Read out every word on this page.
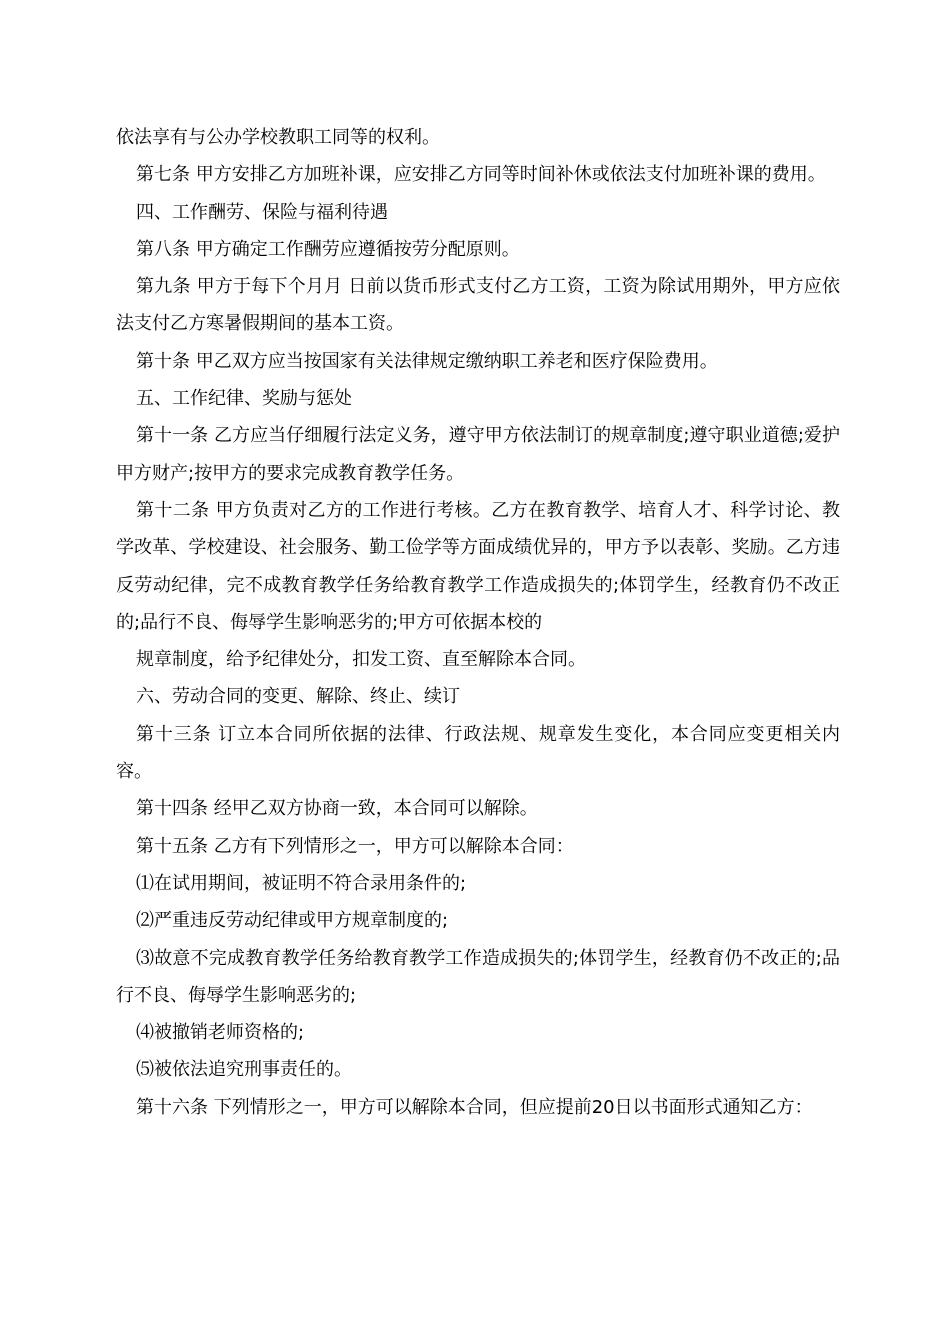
依法享有与公办学校教职工同等的权利。

第七条 甲方安排乙方加班补课，应安排乙方同等时间补休或依法支付加班补课的费用。

四、工作酬劳、保险与福利待遇

第八条 甲方确定工作酬劳应遵循按劳分配原则。

第九条 甲方于每下个月月 日前以货币形式支付乙方工资，工资为除试用期外，甲方应依法支付乙方寒暑假期间的基本工资。

第十条 甲乙双方应当按国家有关法律规定缴纳职工养老和医疗保险费用。

五、工作纪律、奖励与惩处

第十一条 乙方应当仔细履行法定义务，遵守甲方依法制订的规章制度;遵守职业道德;爱护甲方财产;按甲方的要求完成教育教学任务。

第十二条 甲方负责对乙方的工作进行考核。乙方在教育教学、培育人才、科学讨论、教学改革、学校建设、社会服务、勤工俭学等方面成绩优异的，甲方予以表彰、奖励。乙方违反劳动纪律，完不成教育教学任务给教育教学工作造成损失的;体罚学生，经教育仍不改正的;品行不良、侮辱学生影响恶劣的;甲方可依据本校的

规章制度，给予纪律处分，扣发工资、直至解除本合同。

六、劳动合同的变更、解除、终止、续订

第十三条 订立本合同所依据的法律、行政法规、规章发生变化，本合同应变更相关内容。

第十四条 经甲乙双方协商一致，本合同可以解除。

第十五条 乙方有下列情形之一，甲方可以解除本合同：

⑴在试用期间，被证明不符合录用条件的;

⑵严重违反劳动纪律或甲方规章制度的;

⑶故意不完成教育教学任务给教育教学工作造成损失的;体罚学生，经教育仍不改正的;品行不良、侮辱学生影响恶劣的;

⑷被撤销老师资格的;

⑸被依法追究刑事责任的。

第十六条 下列情形之一，甲方可以解除本合同，但应提前20日以书面形式通知乙方：
